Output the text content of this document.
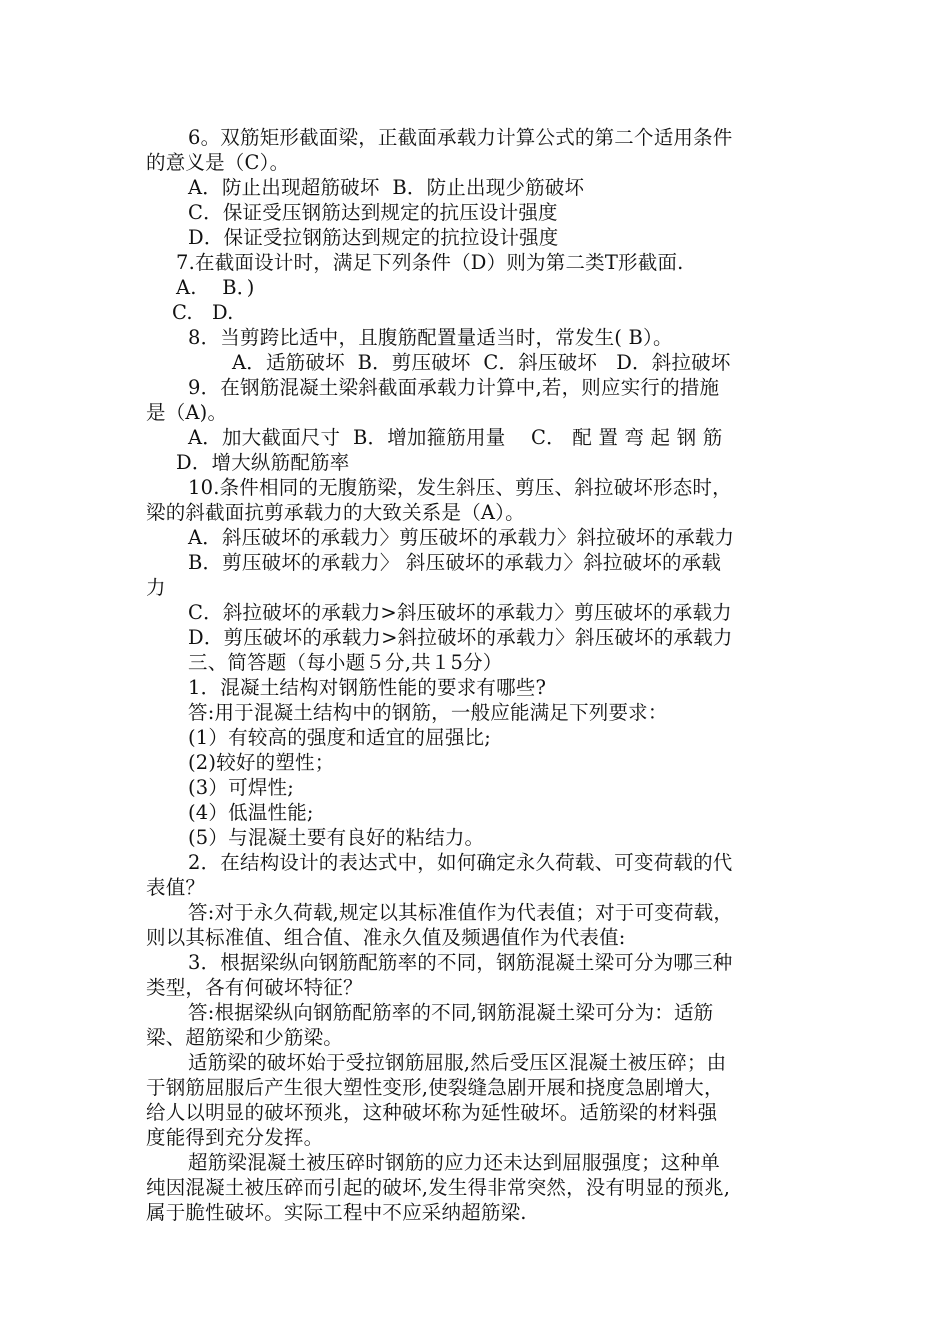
6。双筋矩形截面梁，正截面承载力计算公式的第二个适用条件
的意义是（C）。
A．防止出现超筋破坏  B．防止出现少筋破坏
C．保证受压钢筋达到规定的抗压设计强度
D．保证受拉钢筋达到规定的抗拉设计强度
7.在截面设计时，满足下列条件（D）则为第二类T形截面.
A.    B．)
C.   D.
8．当剪跨比适中，且腹筋配置量适当时，常发生( B）。
A．适筋破坏  B．剪压破坏  C．斜压破坏   D．斜拉破坏
9．在钢筋混凝土梁斜截面承载力计算中,若，则应实行的措施
是（A)。
A．加大截面尺寸  B．增加箍筋用量    C． 配 置 弯 起 钢 筋
D．增大纵筋配筋率
10.条件相同的无腹筋梁，发生斜压、剪压、斜拉破坏形态时，
梁的斜截面抗剪承载力的大致关系是（A）。
A．斜压破坏的承载力〉剪压破坏的承载力〉斜拉破坏的承载力
B．剪压破坏的承载力〉 斜压破坏的承载力〉斜拉破坏的承载
力
C．斜拉破坏的承载力>斜压破坏的承载力〉剪压破坏的承载力
D．剪压破坏的承载力>斜拉破坏的承载力〉斜压破坏的承载力
三、简答题（每小题５分,共１5分）
1．混凝土结构对钢筋性能的要求有哪些?
答:用于混凝土结构中的钢筋，一般应能满足下列要求：
(1）有较高的强度和适宜的屈强比;
(2)较好的塑性；
(3）可焊性;
(4）低温性能;
(5）与混凝土要有良好的粘结力。
2．在结构设计的表达式中，如何确定永久荷载、可变荷载的代
表值？
答:对于永久荷载,规定以其标准值作为代表值；对于可变荷载，
则以其标准值、组合值、准永久值及频遇值作为代表值:
3．根据梁纵向钢筋配筋率的不同，钢筋混凝土梁可分为哪三种
类型，各有何破坏特征？
答:根据梁纵向钢筋配筋率的不同,钢筋混凝土梁可分为：适筋
梁、超筋梁和少筋梁。
适筋梁的破坏始于受拉钢筋屈服,然后受压区混凝土被压碎；由
于钢筋屈服后产生很大塑性变形,使裂缝急剧开展和挠度急剧增大，
给人以明显的破坏预兆，这种破坏称为延性破坏。适筋梁的材料强
度能得到充分发挥。
超筋梁混凝土被压碎时钢筋的应力还未达到屈服强度；这种单
纯因混凝土被压碎而引起的破坏,发生得非常突然，没有明显的预兆,
属于脆性破坏。实际工程中不应采纳超筋梁.
